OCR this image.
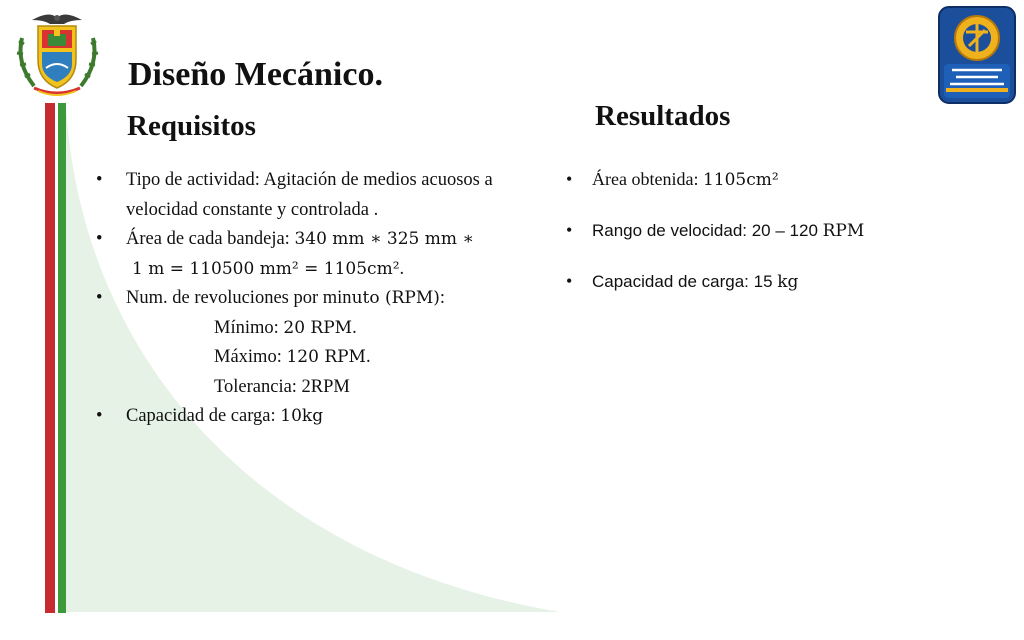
Diseño Mecánico.
Requisitos	Resultados
• Tipo de actividad: Agitación de medios acuosos a
velocidad constante y controlada .
• Área de cada bandeja: 340 mm ∗ 325 mm ∗
1 m = 110500 mm² = 1105cm².
• Num. de revoluciones por minuto (RPM):
Mínimo: 20 RPM.
Máximo: 120 RPM.
Tolerancia: 2RPM
• Capacidad de carga: 10kg
• Área obtenida: 1105cm²
• Rango de velocidad: 20 – 120 RPM
• Capacidad de carga: 15 kg
